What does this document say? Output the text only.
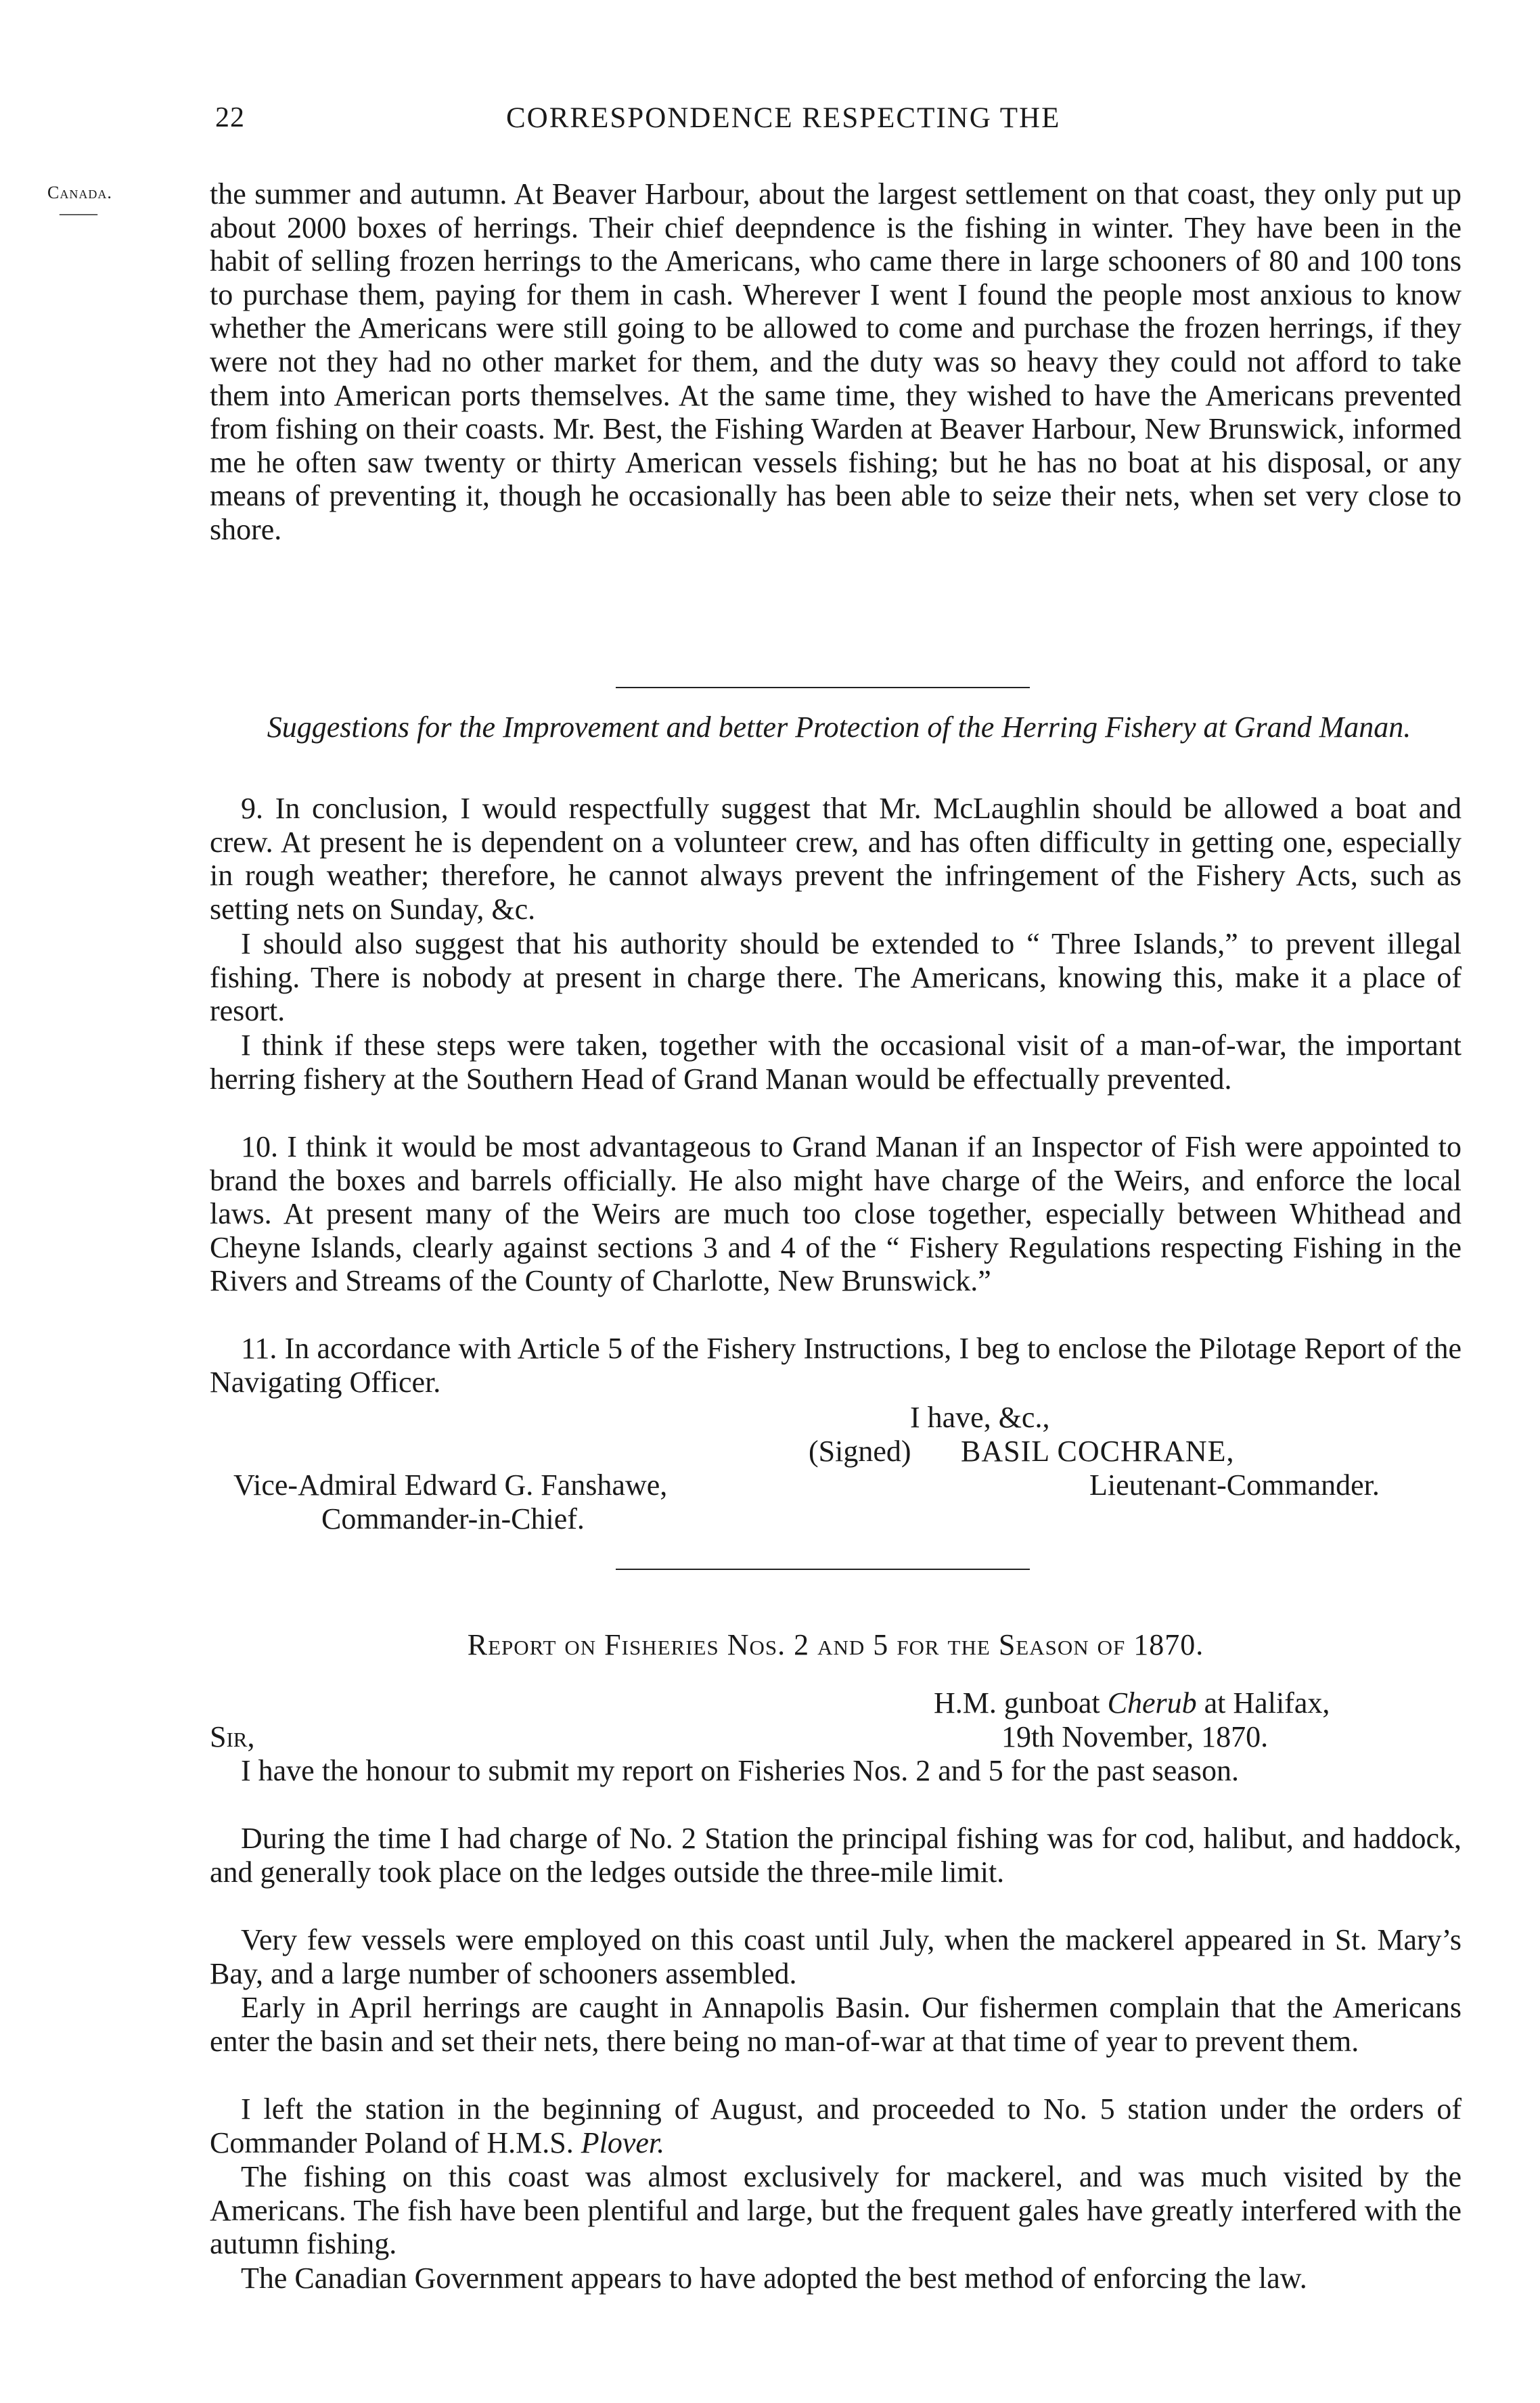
22	CORRESPONDENCE RESPECTING THE
Canada.
——

the summer and autumn. At Beaver Harbour, about the largest settlement on that coast, they only put up about 2000 boxes of herrings. Their chief deepndence is the fishing in winter. They have been in the habit of selling frozen herrings to the Americans, who came there in large schooners of 80 and 100 tons to purchase them, paying for them in cash. Wherever I went I found the people most anxious to know whether the Americans were still going to be allowed to come and purchase the frozen herrings, if they were not they had no other market for them, and the duty was so heavy they could not afford to take them into American ports themselves. At the same time, they wished to have the Americans prevented from fishing on their coasts. Mr. Best, the Fishing Warden at Beaver Harbour, New Brunswick, informed me he often saw twenty or thirty American vessels fishing; but he has no boat at his disposal, or any means of preventing it, though he occasionally has been able to seize their nets, when set very close to shore.

Suggestions for the Improvement and better Protection of the Herring Fishery at Grand Manan.

9. In conclusion, I would respectfully suggest that Mr. McLaughlin should be allowed a boat and crew. At present he is dependent on a volunteer crew, and has often difficulty in getting one, especially in rough weather; therefore, he cannot always prevent the infringement of the Fishery Acts, such as setting nets on Sunday, &c.

I should also suggest that his authority should be extended to “ Three Islands,” to prevent illegal fishing. There is nobody at present in charge there. The Americans, knowing this, make it a place of resort.

I think if these steps were taken, together with the occasional visit of a man-of-war, the important herring fishery at the Southern Head of Grand Manan would be effectually prevented.

10. I think it would be most advantageous to Grand Manan if an Inspector of Fish were appointed to brand the boxes and barrels officially. He also might have charge of the Weirs, and enforce the local laws. At present many of the Weirs are much too close together, especially between Whithead and Cheyne Islands, clearly against sections 3 and 4 of the “ Fishery Regulations respecting Fishing in the Rivers and Streams of the County of Charlotte, New Brunswick.”

11. In accordance with Article 5 of the Fishery Instructions, I beg to enclose the Pilotage Report of the Navigating Officer.

I have, &c.,
(Signed) BASIL COCHRANE,
Lieutenant-Commander.
Vice-Admiral Edward G. Fanshawe,
Commander-in-Chief.
Report on Fisheries Nos. 2 and 5 for the Season of 1870.
H.M. gunboat Cherub at Halifax,
Sir,	19th November, 1870.

I have the honour to submit my report on Fisheries Nos. 2 and 5 for the past season.

During the time I had charge of No. 2 Station the principal fishing was for cod, halibut, and haddock, and generally took place on the ledges outside the three-mile limit.

Very few vessels were employed on this coast until July, when the mackerel appeared in St. Mary’s Bay, and a large number of schooners assembled.

Early in April herrings are caught in Annapolis Basin. Our fishermen complain that the Americans enter the basin and set their nets, there being no man-of-war at that time of year to prevent them.

I left the station in the beginning of August, and proceeded to No. 5 station under the orders of Commander Poland of H.M.S. Plover.

The fishing on this coast was almost exclusively for mackerel, and was much visited by the Americans. The fish have been plentiful and large, but the frequent gales have greatly interfered with the autumn fishing.

The Canadian Government appears to have adopted the best method of enforcing the law.
